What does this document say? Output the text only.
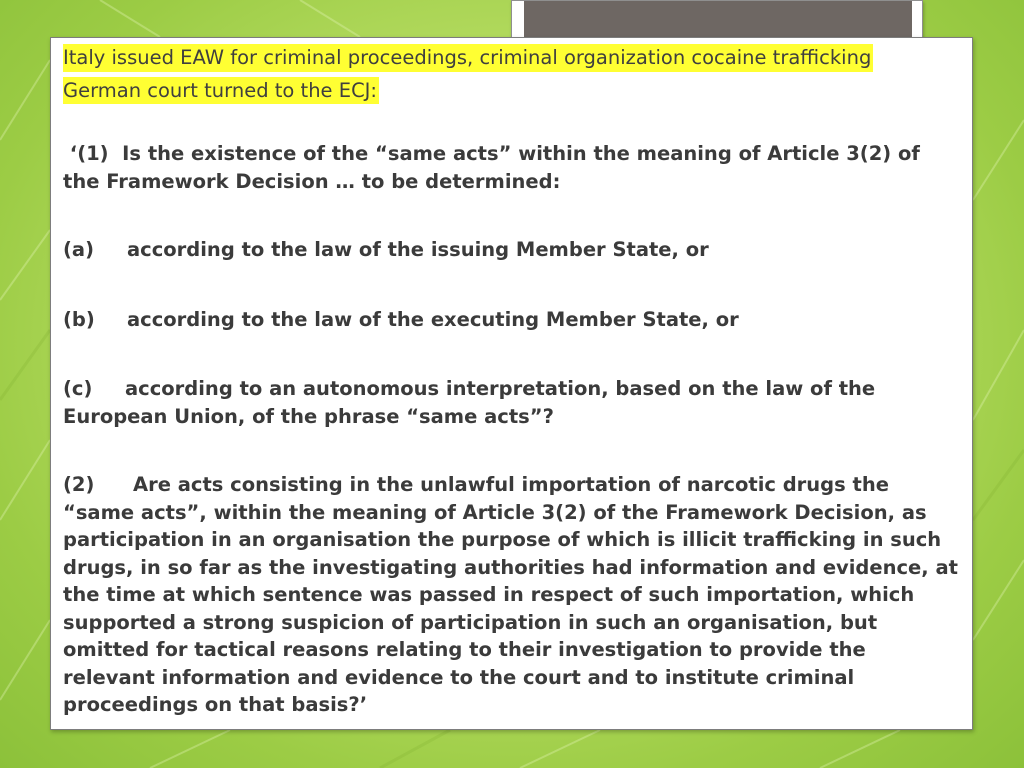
Italy issued EAW for criminal proceedings, criminal organization cocaine trafficking
German court turned to the ECJ:

‘(1)  Is the existence of the “same acts” within the meaning of Article 3(2) of the Framework Decision … to be determined:

(a) according to the law of the issuing Member State, or

(b) according to the law of the executing Member State, or

(c) according to an autonomous interpretation, based on the law of the European Union, of the phrase “same acts”?

(2) Are acts consisting in the unlawful importation of narcotic drugs the “same acts”, within the meaning of Article 3(2) of the Framework Decision, as participation in an organisation the purpose of which is illicit trafficking in such drugs, in so far as the investigating authorities had information and evidence, at the time at which sentence was passed in respect of such importation, which supported a strong suspicion of participation in such an organisation, but omitted for tactical reasons relating to their investigation to provide the relevant information and evidence to the court and to institute criminal proceedings on that basis?’
